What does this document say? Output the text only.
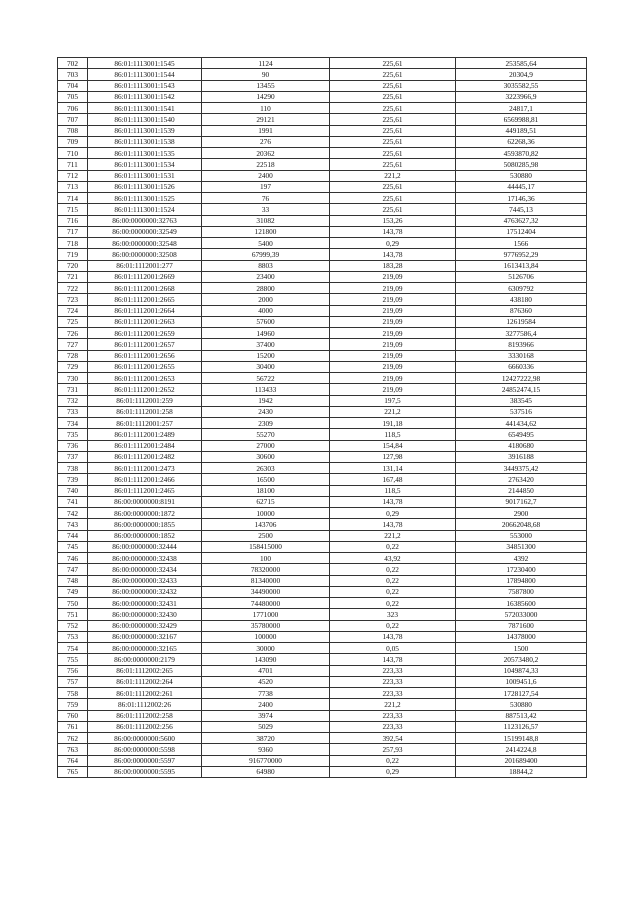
702	86:01:1113001:1545	1124	225,61	253585,64
703	86:01:1113001:1544	90	225,61	20304,9
704	86:01:1113001:1543	13455	225,61	3035582,55
705	86:01:1113001:1542	14290	225,61	3223966,9
706	86:01:1113001:1541	110	225,61	24817,1
707	86:01:1113001:1540	29121	225,61	6569988,81
708	86:01:1113001:1539	1991	225,61	449189,51
709	86:01:1113001:1538	276	225,61	62268,36
710	86:01:1113001:1535	20362	225,61	4593870,82
711	86:01:1113001:1534	22518	225,61	5080285,98
712	86:01:1113001:1531	2400	221,2	530880
713	86:01:1113001:1526	197	225,61	44445,17
714	86:01:1113001:1525	76	225,61	17146,36
715	86:01:1113001:1524	33	225,61	7445,13
716	86:00:0000000:32763	31082	153,26	4763627,32
717	86:00:0000000:32549	121800	143,78	17512404
718	86:00:0000000:32548	5400	0,29	1566
719	86:00:0000000:32508	67999,39	143,78	9776952,29
720	86:01:1112001:277	8803	183,28	1613413,84
721	86:01:1112001:2669	23400	219,09	5126706
722	86:01:1112001:2668	28800	219,09	6309792
723	86:01:1112001:2665	2000	219,09	438180
724	86:01:1112001:2664	4000	219,09	876360
725	86:01:1112001:2663	57600	219,09	12619584
726	86:01:1112001:2659	14960	219,09	3277586,4
727	86:01:1112001:2657	37400	219,09	8193966
728	86:01:1112001:2656	15200	219,09	3330168
729	86:01:1112001:2655	30400	219,09	6660336
730	86:01:1112001:2653	56722	219,09	12427222,98
731	86:01:1112001:2652	113433	219,09	24852474,15
732	86:01:1112001:259	1942	197,5	383545
733	86:01:1112001:258	2430	221,2	537516
734	86:01:1112001:257	2309	191,18	441434,62
735	86:01:1112001:2489	55270	118,5	6549495
736	86:01:1112001:2484	27000	154,84	4180680
737	86:01:1112001:2482	30600	127,98	3916188
738	86:01:1112001:2473	26303	131,14	3449375,42
739	86:01:1112001:2466	16500	167,48	2763420
740	86:01:1112001:2465	18100	118,5	2144850
741	86:00:0000000:8191	62715	143,78	9017162,7
742	86:00:0000000:1872	10000	0,29	2900
743	86:00:0000000:1855	143706	143,78	20662048,68
744	86:00:0000000:1852	2500	221,2	553000
745	86:00:0000000:32444	158415000	0,22	34851300
746	86:00:0000000:32438	100	43,92	4392
747	86:00:0000000:32434	78320000	0,22	17230400
748	86:00:0000000:32433	81340000	0,22	17894800
749	86:00:0000000:32432	34490000	0,22	7587800
750	86:00:0000000:32431	74480000	0,22	16385600
751	86:00:0000000:32430	1771000	323	572033000
752	86:00:0000000:32429	35780000	0,22	7871600
753	86:00:0000000:32167	100000	143,78	14378000
754	86:00:0000000:32165	30000	0,05	1500
755	86:00:0000000:2179	143090	143,78	20573480,2
756	86:01:1112002:265	4701	223,33	1049874,33
757	86:01:1112002:264	4520	223,33	1009451,6
758	86:01:1112002:261	7738	223,33	1728127,54
759	86:01:1112002:26	2400	221,2	530880
760	86:01:1112002:258	3974	223,33	887513,42
761	86:01:1112002:256	5029	223,33	1123126,57
762	86:00:0000000:5600	38720	392,54	15199148,8
763	86:00:0000000:5598	9360	257,93	2414224,8
764	86:00:0000000:5597	916770000	0,22	201689400
765	86:00:0000000:5595	64980	0,29	18844,2
